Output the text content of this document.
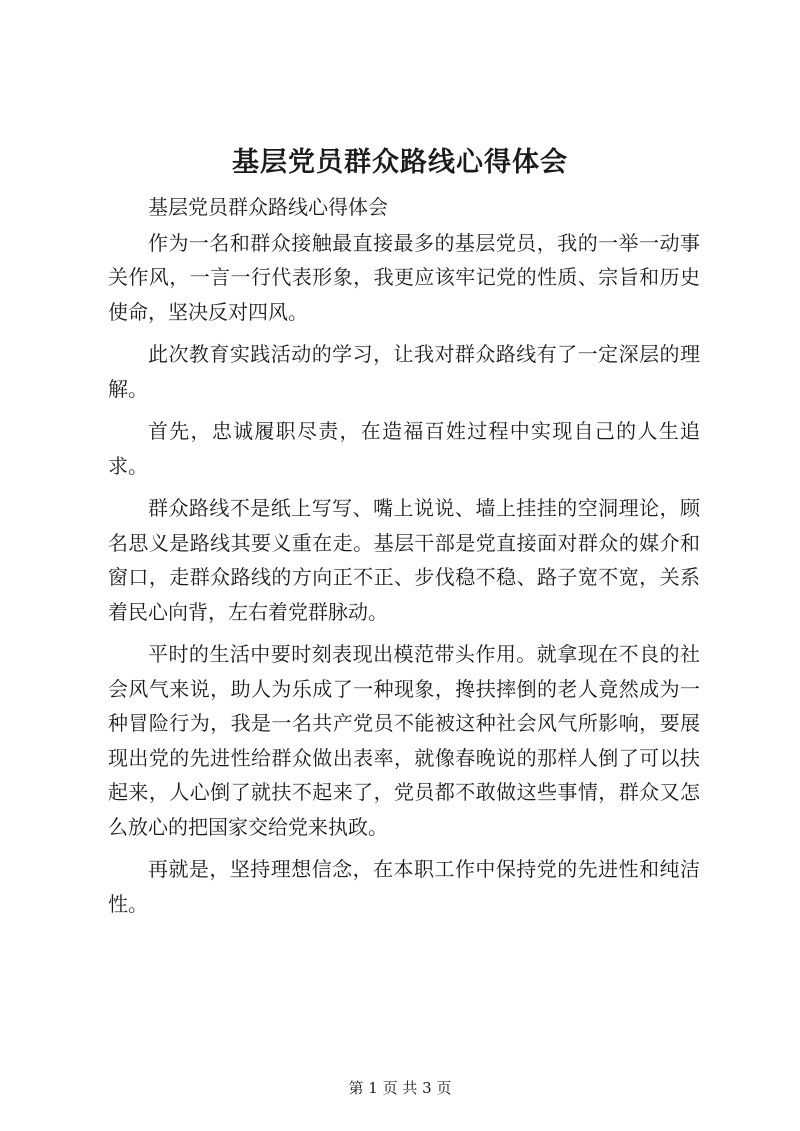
基层党员群众路线心得体会

基层党员群众路线心得体会

作为一名和群众接触最直接最多的基层党员，我的一举一动事关作风，一言一行代表形象，我更应该牢记党的性质、宗旨和历史使命，坚决反对四风。

此次教育实践活动的学习，让我对群众路线有了一定深层的理解。

首先，忠诚履职尽责，在造福百姓过程中实现自己的人生追求。

群众路线不是纸上写写、嘴上说说、墙上挂挂的空洞理论，顾名思义是路线其要义重在走。基层干部是党直接面对群众的媒介和窗口，走群众路线的方向正不正、步伐稳不稳、路子宽不宽，关系着民心向背，左右着党群脉动。

平时的生活中要时刻表现出模范带头作用。就拿现在不良的社会风气来说，助人为乐成了一种现象，搀扶摔倒的老人竟然成为一种冒险行为，我是一名共产党员不能被这种社会风气所影响，要展现出党的先进性给群众做出表率，就像春晚说的那样人倒了可以扶起来，人心倒了就扶不起来了，党员都不敢做这些事情，群众又怎么放心的把国家交给党来执政。

再就是，坚持理想信念，在本职工作中保持党的先进性和纯洁性。

第 1 页 共 3 页
